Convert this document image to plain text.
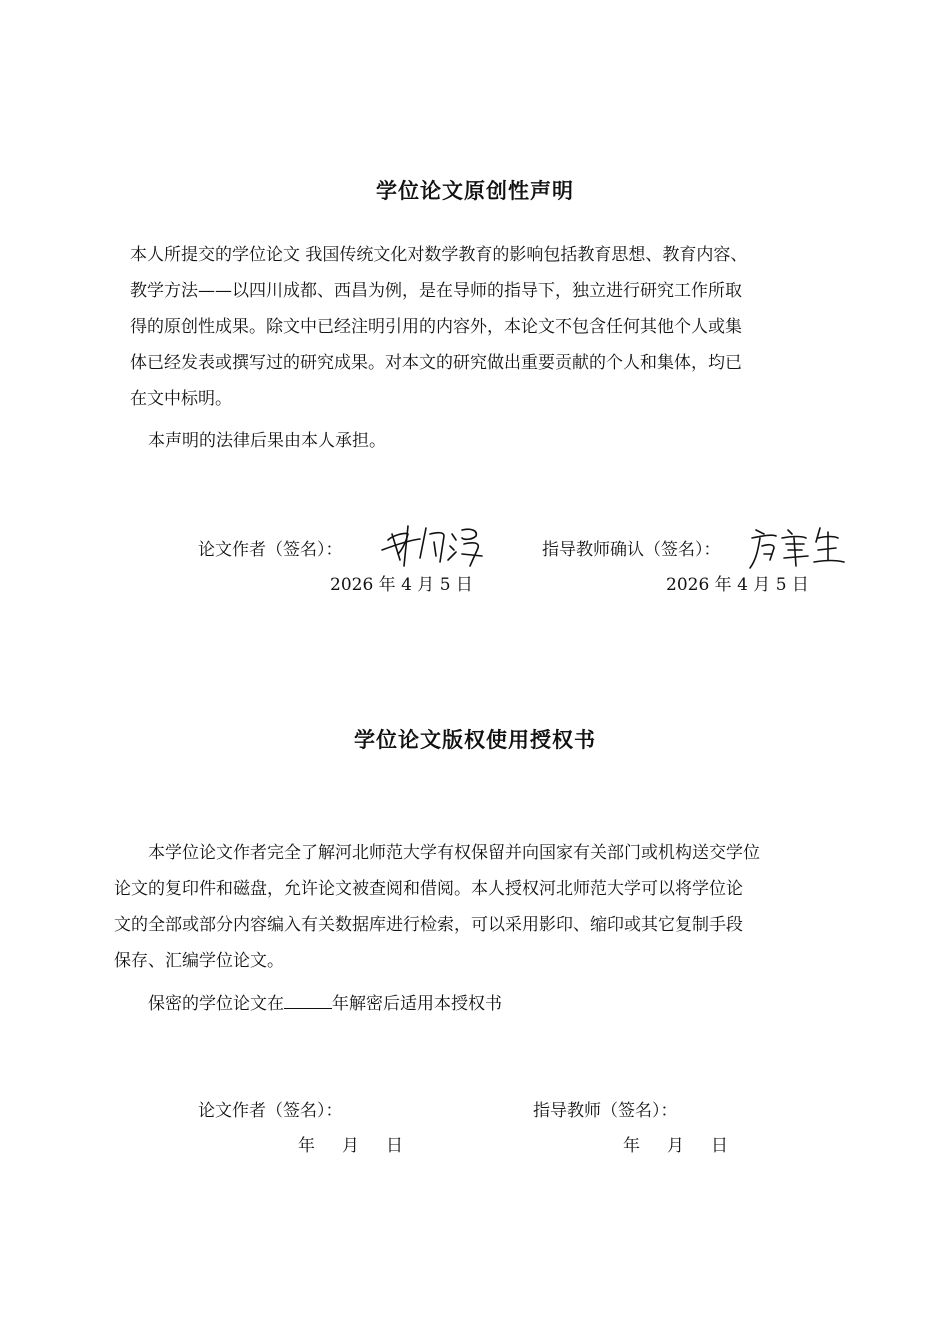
学位论文原创性声明
本人所提交的学位论文 我国传统文化对数学教育的影响包括教育思想、教育内容、
教学方法——以四川成都、西昌为例，是在导师的指导下，独立进行研究工作所取
得的原创性成果。除文中已经注明引用的内容外，本论文不包含任何其他个人或集
体已经发表或撰写过的研究成果。对本文的研究做出重要贡献的个人和集体，均已
在文中标明。
本声明的法律后果由本人承担。
论文作者（签名）：
2026 年 4 月 5 日
指导教师确认（签名）：
2026 年 4 月 5 日
学位论文版权使用授权书
本学位论文作者完全了解河北师范大学有权保留并向国家有关部门或机构送交学位
论文的复印件和磁盘，允许论文被查阅和借阅。本人授权河北师范大学可以将学位论
文的全部或部分内容编入有关数据库进行检索，可以采用影印、缩印或其它复制手段
保存、汇编学位论文。
保密的学位论文在	年解密后适用本授权书
论文作者（签名）：
年     月     日
指导教师（签名）：
年     月     日
